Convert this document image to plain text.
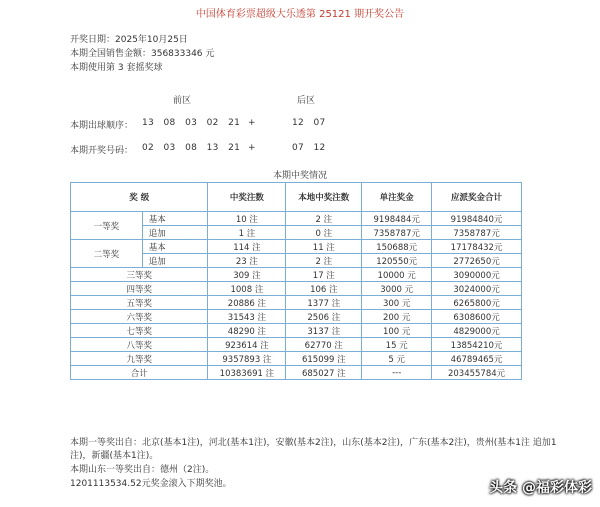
中国体育彩票超级大乐透第 25121 期开奖公告
开奖日期：2025年10月25日
本期全国销售金额：356833346 元
本期使用第 3 套摇奖球
前区	后区
本期出球顺序： 13   08   03   02   21 +	12   07
本期开奖号码： 02   03   08   13   21 +	07   12
本期中奖情况
奖 级		中奖注数	本地中奖注数	单注奖金	应派奖金合计
一等奖	基本	10 注	2 注	9198484元	91984840元
	追加	1 注	0 注	7358787元	7358787元
二等奖	基本	114 注	11 注	150688元	17178432元
	追加	23 注	2 注	120550元	2772650元
三等奖		309 注	17 注	10000 元	3090000元
四等奖		1008 注	106 注	3000 元	3024000元
五等奖		20886 注	1377 注	300 元	6265800元
六等奖		31543 注	2506 注	200 元	6308600元
七等奖		48290 注	3137 注	100 元	4829000元
八等奖		923614 注	62770 注	15 元	13854210元
九等奖		9357893 注	615099 注	5 元	46789465元
合计		10383691 注	685027 注	---	203455784元
本期一等奖出自：北京(基本1注)，河北(基本1注)，安徽(基本2注)，山东(基本2注)，广东(基本2注)，贵州(基本1注 追加1
注)，新疆(基本1注)。
本期山东一等奖出自：德州（2注)。
1201113534.52元奖金滚入下期奖池。	头条 @福彩体彩
